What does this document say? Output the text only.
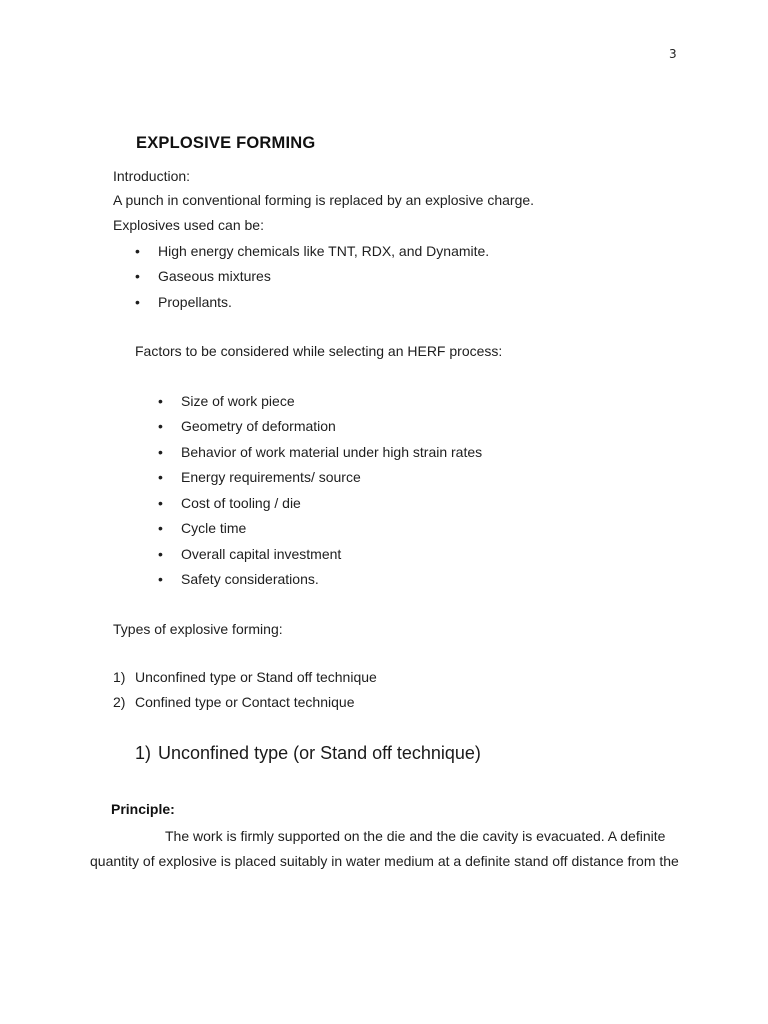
3
EXPLOSIVE FORMING
Introduction:
A punch in conventional forming is replaced by an explosive charge.
Explosives used can be:
• High energy chemicals like TNT, RDX, and Dynamite.
• Gaseous mixtures
• Propellants.
Factors to be considered while selecting an HERF process:
• Size of work piece
• Geometry of deformation
• Behavior of work material under high strain rates
• Energy requirements/ source
• Cost of tooling / die
• Cycle time
• Overall capital investment
• Safety considerations.
Types of explosive forming:
1) Unconfined type or Stand off technique
2) Confined type or Contact technique
1) Unconfined type (or Stand off technique)
Principle:
The work is firmly supported on the die and the die cavity is evacuated. A definite
quantity of explosive is placed suitably in water medium at a definite stand off distance from the
